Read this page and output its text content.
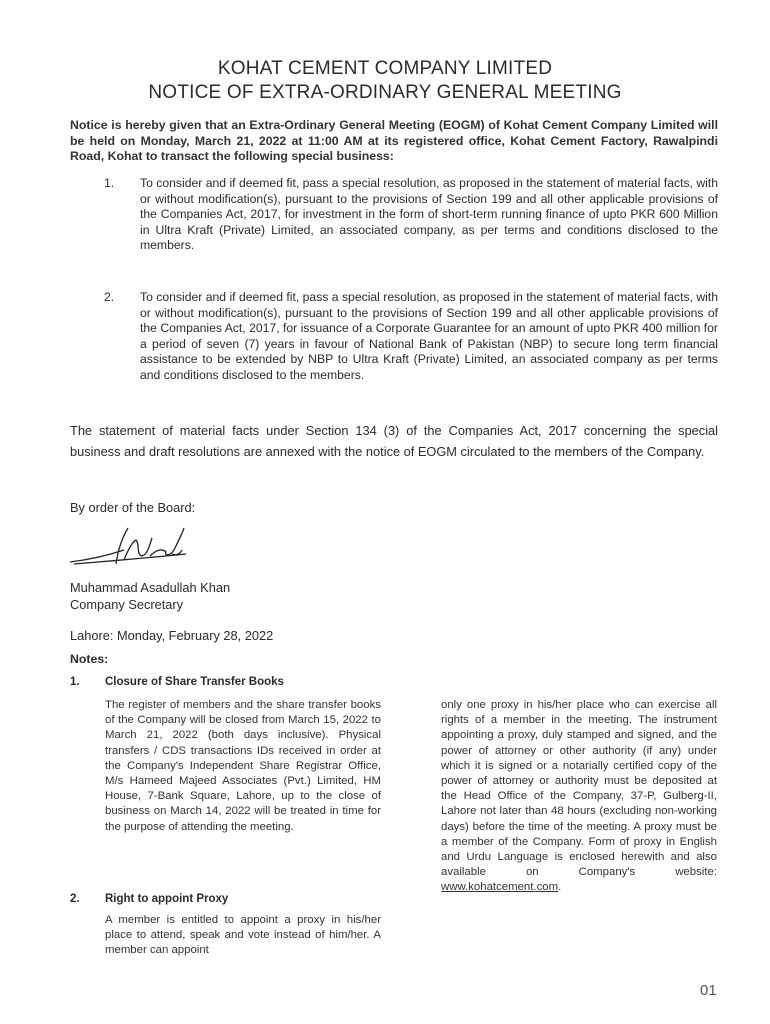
KOHAT CEMENT COMPANY LIMITED
NOTICE OF EXTRA-ORDINARY GENERAL MEETING
Notice is hereby given that an Extra-Ordinary General Meeting (EOGM) of Kohat Cement Company Limited will be held on Monday, March 21, 2022 at 11:00 AM at its registered office, Kohat Cement Factory, Rawalpindi Road, Kohat to transact the following special business:
1. To consider and if deemed fit, pass a special resolution, as proposed in the statement of material facts, with or without modification(s), pursuant to the provisions of Section 199 and all other applicable provisions of the Companies Act, 2017, for investment in the form of short-term running finance of upto PKR 600 Million in Ultra Kraft (Private) Limited, an associated company, as per terms and conditions disclosed to the members.
2. To consider and if deemed fit, pass a special resolution, as proposed in the statement of material facts, with or without modification(s), pursuant to the provisions of Section 199 and all other applicable provisions of the Companies Act, 2017, for issuance of a Corporate Guarantee for an amount of upto PKR 400 million for a period of seven (7) years in favour of National Bank of Pakistan (NBP) to secure long term financial assistance to be extended by NBP to Ultra Kraft (Private) Limited, an associated company as per terms and conditions disclosed to the members.
The statement of material facts under Section 134 (3) of the Companies Act, 2017 concerning the special business and draft resolutions are annexed with the notice of EOGM circulated to the members of the Company.
By order of the Board:
Muhammad Asadullah Khan
Company Secretary
Lahore: Monday, February 28, 2022
Notes:
1. Closure of Share Transfer Books
The register of members and the share transfer books of the Company will be closed from March 15, 2022 to March 21, 2022 (both days inclusive). Physical transfers / CDS transactions IDs received in order at the Company's Independent Share Registrar Office, M/s Hameed Majeed Associates (Pvt.) Limited, HM House, 7-Bank Square, Lahore, up to the close of business on March 14, 2022 will be treated in time for the purpose of attending the meeting.
2. Right to appoint Proxy
A member is entitled to appoint a proxy in his/her place to attend, speak and vote instead of him/her. A member can appoint
only one proxy in his/her place who can exercise all rights of a member in the meeting. The instrument appointing a proxy, duly stamped and signed, and the power of attorney or other authority (if any) under which it is signed or a notarially certified copy of the power of attorney or authority must be deposited at the Head Office of the Company, 37-P, Gulberg-II, Lahore not later than 48 hours (excluding non-working days) before the time of the meeting. A proxy must be a member of the Company. Form of proxy in English and Urdu Language is enclosed herewith and also available on Company's website: www.kohatcement.com.
01
